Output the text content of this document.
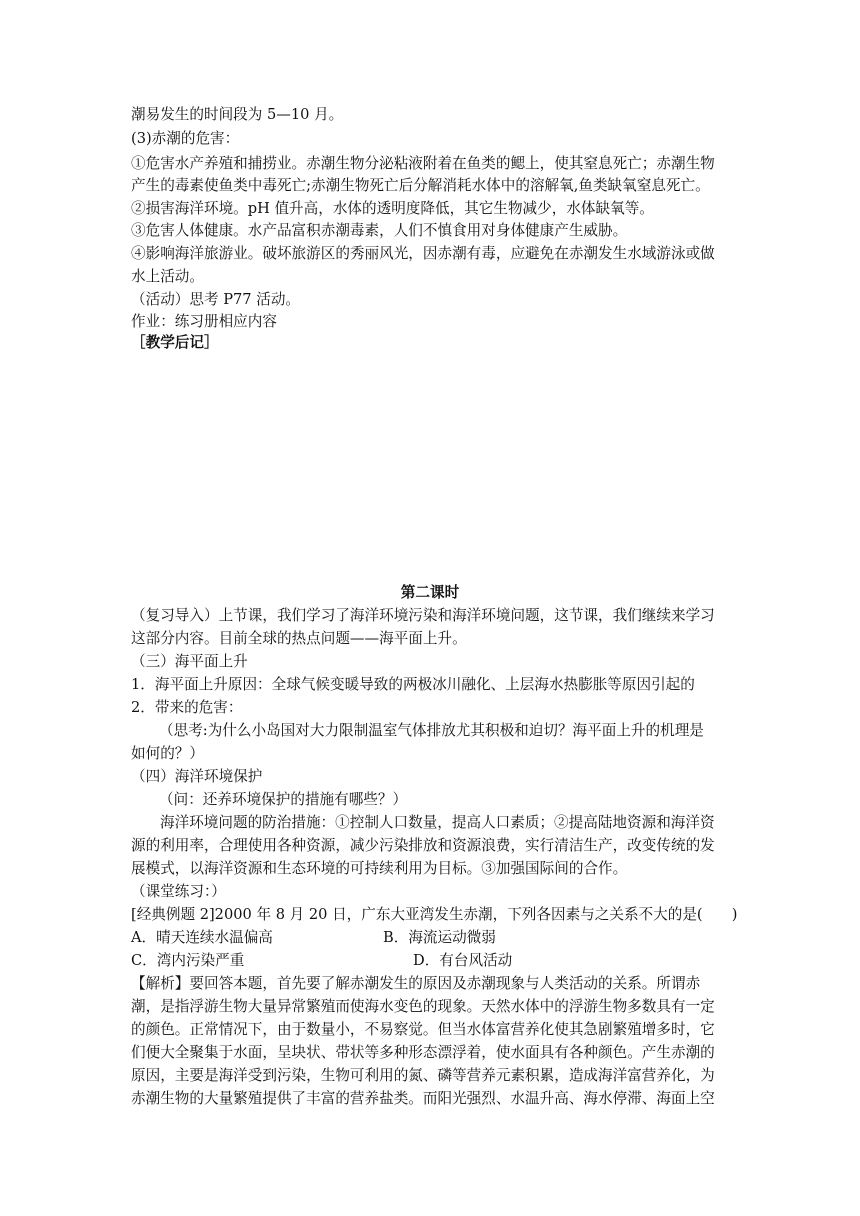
潮易发生的时间段为 5—10 月。
(3)赤潮的危害：
①危害水产养殖和捕捞业。赤潮生物分泌粘液附着在鱼类的鳃上，使其窒息死亡；赤潮生物
产生的毒素使鱼类中毒死亡;赤潮生物死亡后分解消耗水体中的溶解氧,鱼类缺氧窒息死亡。
②损害海洋环境。pH 值升高，水体的透明度降低，其它生物减少，水体缺氧等。
③危害人体健康。水产品富积赤潮毒素，人们不慎食用对身体健康产生威胁。
④影响海洋旅游业。破坏旅游区的秀丽风光，因赤潮有毒，应避免在赤潮发生水域游泳或做
水上活动。
（活动）思考 P77 活动。
作业：练习册相应内容
［教学后记］
第二课时
（复习导入）上节课，我们学习了海洋环境污染和海洋环境问题，这节课，我们继续来学习
这部分内容。目前全球的热点问题——海平面上升。
（三）海平面上升
1．海平面上升原因：全球气候变暖导致的两极冰川融化、上层海水热膨胀等原因引起的
2．带来的危害：
（思考:为什么小岛国对大力限制温室气体排放尤其积极和迫切？海平面上升的机理是
如何的？）
（四）海洋环境保护
（问：还养环境保护的措施有哪些？）
海洋环境问题的防治措施：①控制人口数量，提高人口素质；②提高陆地资源和海洋资
源的利用率，合理使用各种资源，减少污染排放和资源浪费，实行清洁生产，改变传统的发
展模式，以海洋资源和生态环境的可持续利用为目标。③加强国际间的合作。
（课堂练习：）
[经典例题 2]2000 年 8 月 20 日，广东大亚湾发生赤潮，下列各因素与之关系不大的是(　　)
A．晴天连续水温偏高	B．海流运动微弱
C．湾内污染严重	D．有台风活动
【解析】要回答本题，首先要了解赤潮发生的原因及赤潮现象与人类活动的关系。所谓赤
潮，是指浮游生物大量异常繁殖而使海水变色的现象。天然水体中的浮游生物多数具有一定
的颜色。正常情况下，由于数量小，不易察觉。但当水体富营养化使其急剧繁殖增多时，它
们便大全聚集于水面，呈块状、带状等多种形态漂浮着，使水面具有各种颜色。产生赤潮的
原因，主要是海洋受到污染，生物可利用的氮、磷等营养元素积累，造成海洋富营养化，为
赤潮生物的大量繁殖提供了丰富的营养盐类。而阳光强烈、水温升高、海水停滞、海面上空
